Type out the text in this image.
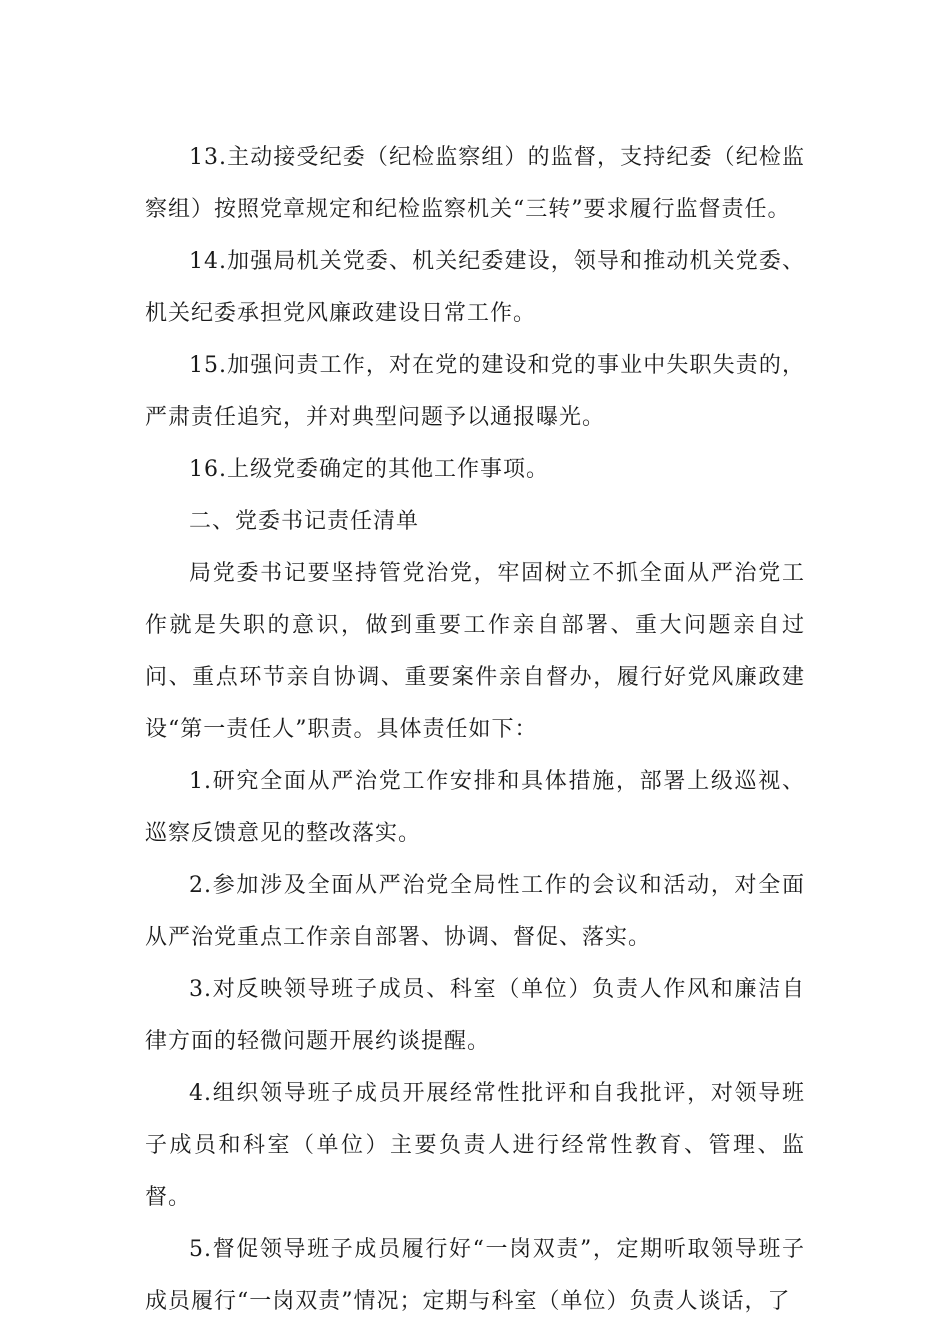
13.主动接受纪委（纪检监察组）的监督，支持纪委（纪检监察组）按照党章规定和纪检监察机关“三转”要求履行监督责任。

14.加强局机关党委、机关纪委建设，领导和推动机关党委、机关纪委承担党风廉政建设日常工作。

15.加强问责工作，对在党的建设和党的事业中失职失责的，严肃责任追究，并对典型问题予以通报曝光。

16.上级党委确定的其他工作事项。

二、党委书记责任清单

局党委书记要坚持管党治党，牢固树立不抓全面从严治党工作就是失职的意识，做到重要工作亲自部署、重大问题亲自过问、重点环节亲自协调、重要案件亲自督办，履行好党风廉政建设“第一责任人”职责。具体责任如下：

1.研究全面从严治党工作安排和具体措施，部署上级巡视、巡察反馈意见的整改落实。

2.参加涉及全面从严治党全局性工作的会议和活动，对全面从严治党重点工作亲自部署、协调、督促、落实。

3.对反映领导班子成员、科室（单位）负责人作风和廉洁自律方面的轻微问题开展约谈提醒。

4.组织领导班子成员开展经常性批评和自我批评，对领导班子成员和科室（单位）主要负责人进行经常性教育、管理、监督。

5.督促领导班子成员履行好“一岗双责”，定期听取领导班子成员履行“一岗双责”情况；定期与科室（单位）负责人谈话，了
